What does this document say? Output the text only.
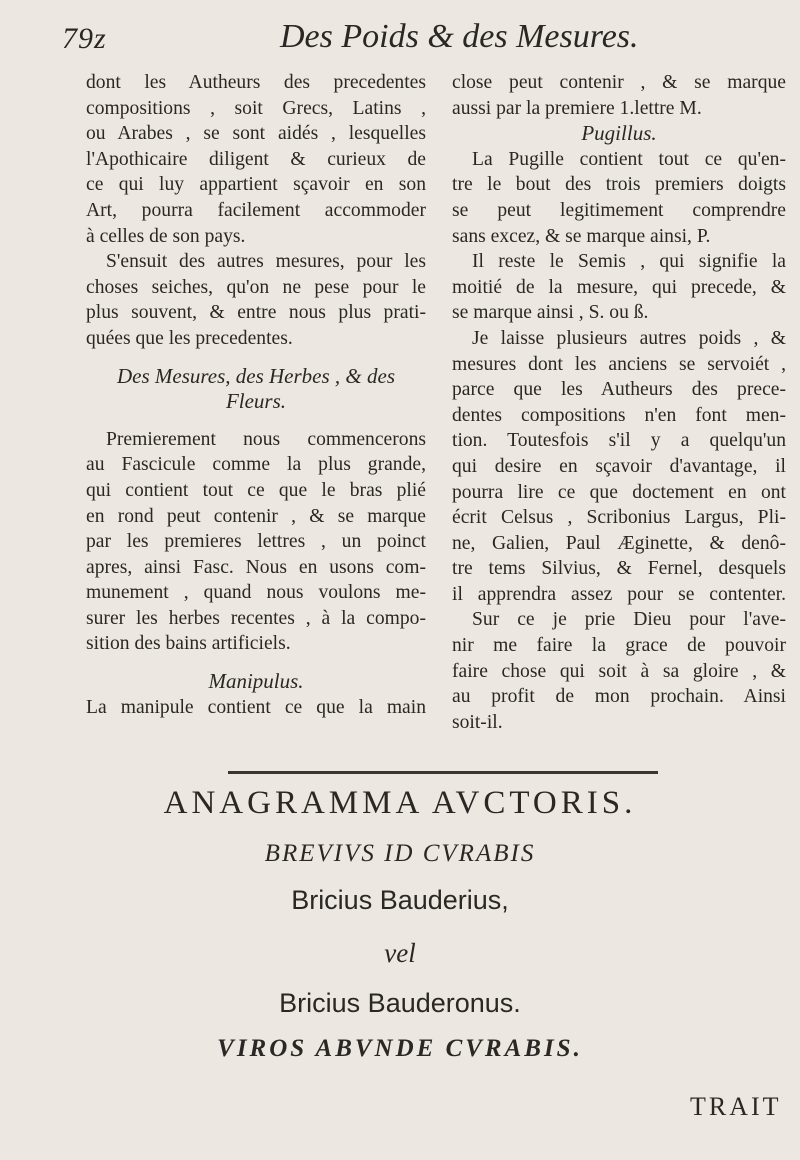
79z	Des Poids & des Mesures.
dont les Autheurs des precedentes
compositions , soit Grecs, Latins ,
ou Arabes , se sont aidés , lesquelles
l'Apothicaire diligent & curieux de
ce qui luy appartient sçavoir en son
Art, pourra facilement accommoder
à celles de son pays.
S'ensuit des autres mesures, pour les
choses seiches, qu'on ne pese pour le
plus souvent, & entre nous plus prati-
quées que les precedentes.
Des Mesures, des Herbes , & des
Fleurs.
Premierement nous commencerons
au Fascicule comme la plus grande,
qui contient tout ce que le bras plié
en rond peut contenir , & se marque
par les premieres lettres , un poinct
apres, ainsi Fasc. Nous en usons com-
munement , quand nous voulons me-
surer les herbes recentes , à la compo-
sition des bains artificiels.
Manipulus.
La manipule contient ce que la main
close peut contenir , & se marque
aussi par la premiere 1.lettre M.
Pugillus.
La Pugille contient tout ce qu'en-
tre le bout des trois premiers doigts
se peut legitimement comprendre
sans excez, & se marque ainsi, P.
Il reste le Semis , qui signifie la
moitié de la mesure, qui precede, &
se marque ainsi , S. ou ß.
Je laisse plusieurs autres poids , &
mesures dont les anciens se servoiét ,
parce que les Autheurs des prece-
dentes compositions n'en font men-
tion. Toutesfois s'il y a quelqu'un
qui desire en sçavoir d'avantage, il
pourra lire ce que doctement en ont
écrit Celsus , Scribonius Largus, Pli-
ne, Galien, Paul Æginette, & denô-
tre tems Silvius, & Fernel, desquels
il apprendra assez pour se contenter.
Sur ce je prie Dieu pour l'ave-
nir me faire la grace de pouvoir
faire chose qui soit à sa gloire , &
au profit de mon prochain. Ainsi
soit-il.
ANAGRAMMA AVCTORIS.
BREVIVS ID CVRABIS
Bricius Bauderius,
vel
Bricius Bauderonus.
VIROS ABVNDE CVRABIS.
TRAIT
